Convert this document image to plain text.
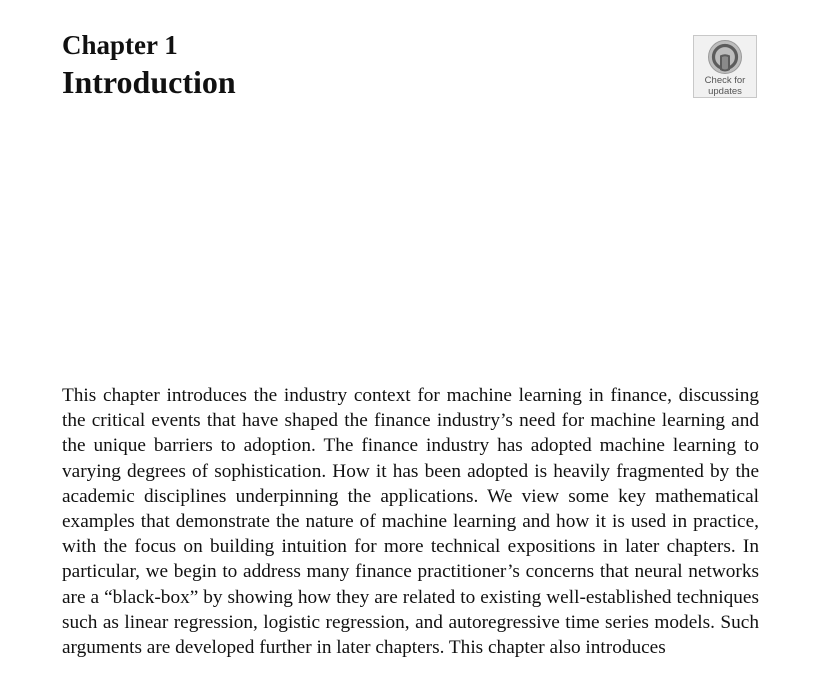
Chapter 1
Introduction	Check for
updates

This chapter introduces the industry context for machine learning in finance, discussing the critical events that have shaped the finance industry’s need for machine learning and the unique barriers to adoption. The finance industry has adopted machine learning to varying degrees of sophistication. How it has been adopted is heavily fragmented by the academic disciplines underpinning the applications. We view some key mathematical examples that demonstrate the nature of machine learning and how it is used in practice, with the focus on building intuition for more technical expositions in later chapters. In particular, we begin to address many finance practitioner’s concerns that neural networks are a “black-box” by showing how they are related to existing well-established techniques such as linear regression, logistic regression, and autoregressive time series models. Such arguments are developed further in later chapters. This chapter also introduces
